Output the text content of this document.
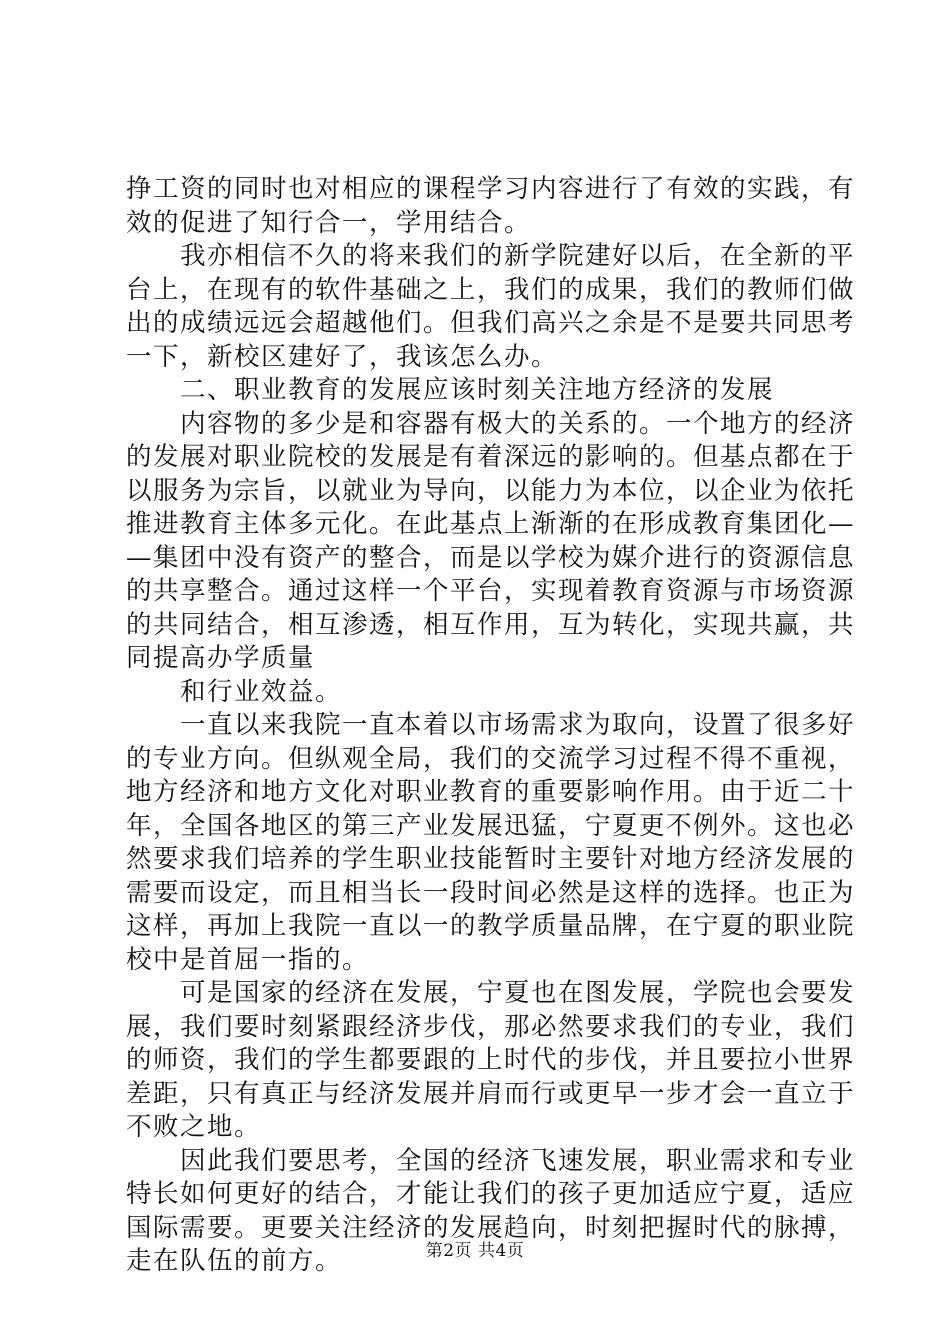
挣工资的同时也对相应的课程学习内容进行了有效的实践，有
效的促进了知行合一，学用结合。
　　我亦相信不久的将来我们的新学院建好以后，在全新的平
台上，在现有的软件基础之上，我们的成果，我们的教师们做
出的成绩远远会超越他们。但我们高兴之余是不是要共同思考
一下，新校区建好了，我该怎么办。
　　二、职业教育的发展应该时刻关注地方经济的发展
　　内容物的多少是和容器有极大的关系的。一个地方的经济
的发展对职业院校的发展是有着深远的影响的。但基点都在于
以服务为宗旨，以就业为导向，以能力为本位，以企业为依托
推进教育主体多元化。在此基点上渐渐的在形成教育集团化—
—集团中没有资产的整合，而是以学校为媒介进行的资源信息
的共享整合。通过这样一个平台，实现着教育资源与市场资源
的共同结合，相互渗透，相互作用，互为转化，实现共赢，共
同提高办学质量
　　和行业效益。
　　一直以来我院一直本着以市场需求为取向，设置了很多好
的专业方向。但纵观全局，我们的交流学习过程不得不重视，
地方经济和地方文化对职业教育的重要影响作用。由于近二十
年，全国各地区的第三产业发展迅猛，宁夏更不例外。这也必
然要求我们培养的学生职业技能暂时主要针对地方经济发展的
需要而设定，而且相当长一段时间必然是这样的选择。也正为
这样，再加上我院一直以一的教学质量品牌，在宁夏的职业院
校中是首屈一指的。
　　可是国家的经济在发展，宁夏也在图发展，学院也会要发
展，我们要时刻紧跟经济步伐，那必然要求我们的专业，我们
的师资，我们的学生都要跟的上时代的步伐，并且要拉小世界
差距，只有真正与经济发展并肩而行或更早一步才会一直立于
不败之地。
　　因此我们要思考，全国的经济飞速发展，职业需求和专业
特长如何更好的结合，才能让我们的孩子更加适应宁夏，适应
国际需要。更要关注经济的发展趋向，时刻把握时代的脉搏，
第2页 共4页
走在队伍的前方。
